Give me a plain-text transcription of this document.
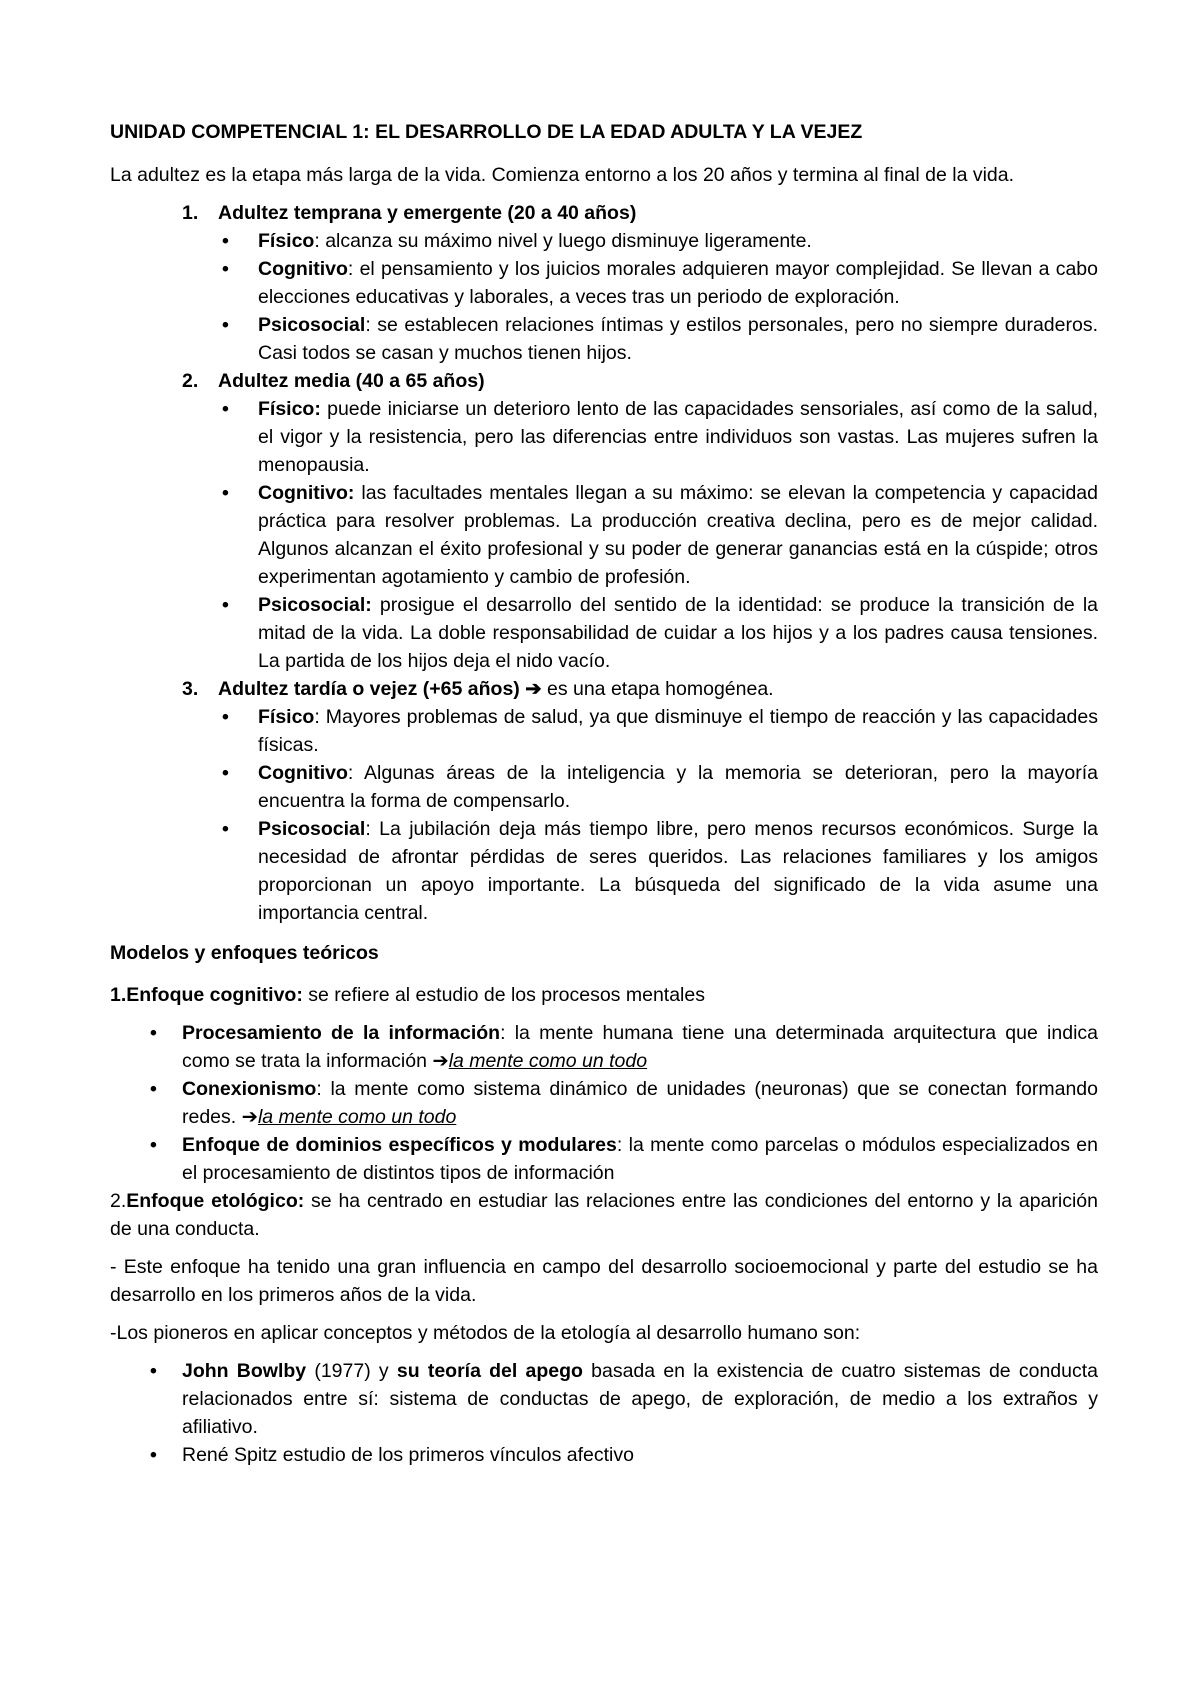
UNIDAD COMPETENCIAL 1: EL DESARROLLO DE LA EDAD ADULTA Y LA VEJEZ
La adultez es la etapa más larga de la vida. Comienza entorno a los 20 años y termina al final de la vida.
1. Adultez temprana y emergente (20 a 40 años)
• Físico: alcanza su máximo nivel y luego disminuye ligeramente.
• Cognitivo: el pensamiento y los juicios morales adquieren mayor complejidad. Se llevan a cabo elecciones educativas y laborales, a veces tras un periodo de exploración.
• Psicosocial: se establecen relaciones íntimas y estilos personales, pero no siempre duraderos. Casi todos se casan y muchos tienen hijos.
2. Adultez media (40 a 65 años)
• Físico: puede iniciarse un deterioro lento de las capacidades sensoriales, así como de la salud, el vigor y la resistencia, pero las diferencias entre individuos son vastas. Las mujeres sufren la menopausia.
• Cognitivo: las facultades mentales llegan a su máximo: se elevan la competencia y capacidad práctica para resolver problemas. La producción creativa declina, pero es de mejor calidad. Algunos alcanzan el éxito profesional y su poder de generar ganancias está en la cúspide; otros experimentan agotamiento y cambio de profesión.
• Psicosocial: prosigue el desarrollo del sentido de la identidad: se produce la transición de la mitad de la vida. La doble responsabilidad de cuidar a los hijos y a los padres causa tensiones. La partida de los hijos deja el nido vacío.
3. Adultez tardía o vejez (+65 años) ➔ es una etapa homogénea.
• Físico: Mayores problemas de salud, ya que disminuye el tiempo de reacción y las capacidades físicas.
• Cognitivo: Algunas áreas de la inteligencia y la memoria se deterioran, pero la mayoría encuentra la forma de compensarlo.
• Psicosocial: La jubilación deja más tiempo libre, pero menos recursos económicos. Surge la necesidad de afrontar pérdidas de seres queridos. Las relaciones familiares y los amigos proporcionan un apoyo importante. La búsqueda del significado de la vida asume una importancia central.
Modelos y enfoques teóricos
1.Enfoque cognitivo: se refiere al estudio de los procesos mentales
• Procesamiento de la información: la mente humana tiene una determinada arquitectura que indica como se trata la información ➔la mente como un todo
• Conexionismo: la mente como sistema dinámico de unidades (neuronas) que se conectan formando redes. ➔la mente como un todo
• Enfoque de dominios específicos y modulares: la mente como parcelas o módulos especializados en el procesamiento de distintos tipos de información
2.Enfoque etológico: se ha centrado en estudiar las relaciones entre las condiciones del entorno y la aparición de una conducta.
- Este enfoque ha tenido una gran influencia en campo del desarrollo socioemocional y parte del estudio se ha desarrollo en los primeros años de la vida.
-Los pioneros en aplicar conceptos y métodos de la etología al desarrollo humano son:
• John Bowlby (1977) y su teoría del apego basada en la existencia de cuatro sistemas de conducta relacionados entre sí: sistema de conductas de apego, de exploración, de medio a los extraños y afiliativo.
• René Spitz estudio de los primeros vínculos afectivo
